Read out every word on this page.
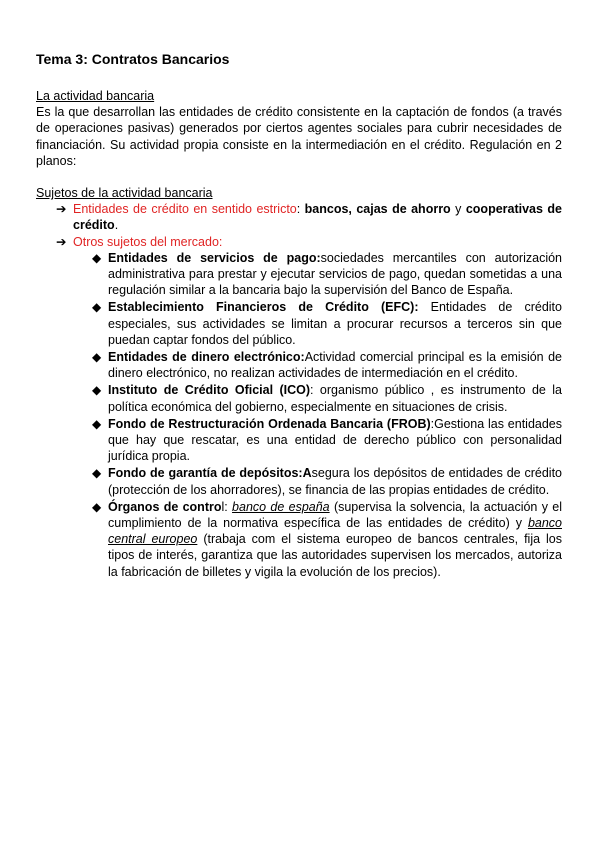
Tema 3: Contratos Bancarios
La actividad bancaria
Es la que desarrollan las entidades de crédito consistente en la captación de fondos (a través de operaciones pasivas) generados por ciertos agentes sociales para cubrir necesidades de financiación. Su actividad propia consiste en la intermediación en el crédito. Regulación en 2 planos:
Sujetos de la actividad bancaria
➔ Entidades de crédito en sentido estricto: bancos, cajas de ahorro y cooperativas de crédito.
➔ Otros sujetos del mercado:
◆ Entidades de servicios de pago:sociedades mercantiles con autorización administrativa para prestar y ejecutar servicios de pago, quedan sometidas a una regulación similar a la bancaria bajo la supervisión del Banco de España.
◆ Establecimiento Financieros de Crédito (EFC): Entidades de crédito especiales, sus actividades se limitan a procurar recursos a terceros sin que puedan captar fondos del público.
◆ Entidades de dinero electrónico:Actividad comercial principal es la emisión de dinero electrónico, no realizan actividades de intermediación en el crédito.
◆ Instituto de Crédito Oficial (ICO): organismo público , es instrumento de la política económica del gobierno, especialmente en situaciones de crisis.
◆ Fondo de Restructuración Ordenada Bancaria (FROB):Gestiona las entidades que hay que rescatar, es una entidad de derecho público con personalidad jurídica propia.
◆ Fondo de garantía de depósitos:Asegura los depósitos de entidades de crédito (protección de los ahorradores), se financia de las propias entidades de crédito.
◆ Órganos de control: banco de españa (supervisa la solvencia, la actuación y el cumplimiento de la normativa específica de las entidades de crédito) y banco central europeo (trabaja com el sistema europeo de bancos centrales, fija los tipos de interés, garantiza que las autoridades supervisen los mercados, autoriza la fabricación de billetes y vigila la evolución de los precios).
